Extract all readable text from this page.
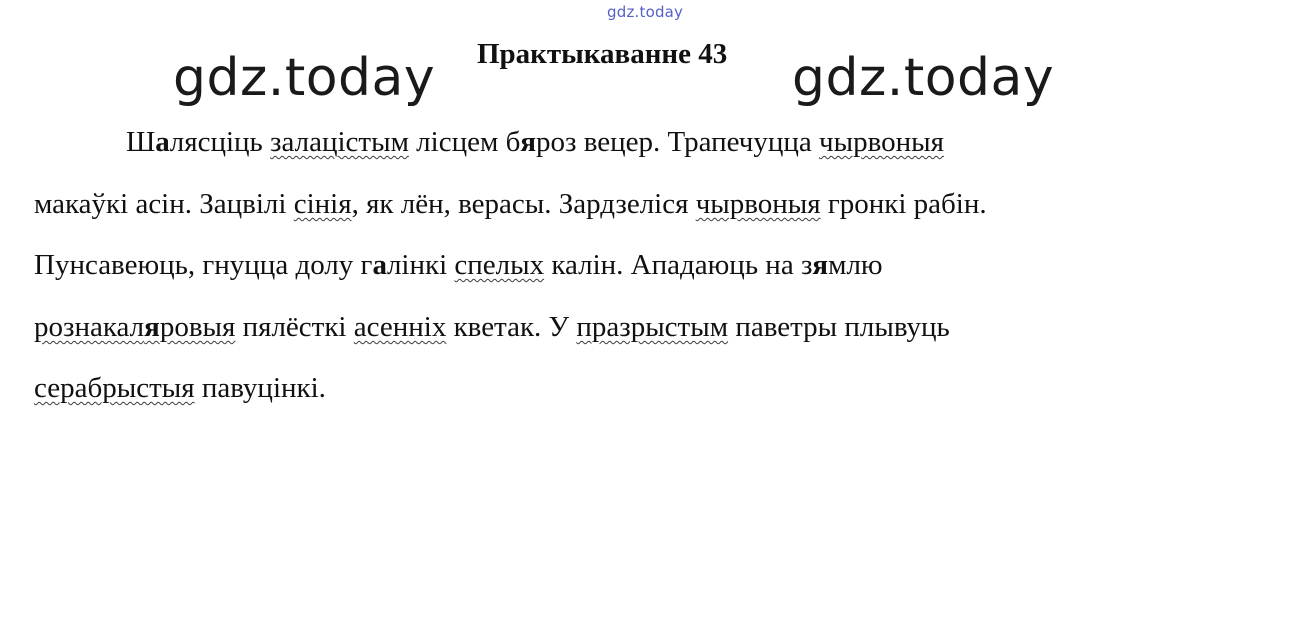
gdz.today
gdz.today	gdz.today
Практыкаванне 43
Шалясціць залацістым лісцем бяроз вецер. Трапечуцца чырвоныя
макаўкі асін. Зацвілі сінія, як лён, верасы. Зардзеліся чырвоныя гронкі рабін.
Пунсавеюць, гнуцца долу галінкі спелых калін. Ападаюць на зямлю
рознакаляровыя пялёсткі асенніх кветак. У празрыстым паветры плывуць
серабрыстыя павуцінкі.
